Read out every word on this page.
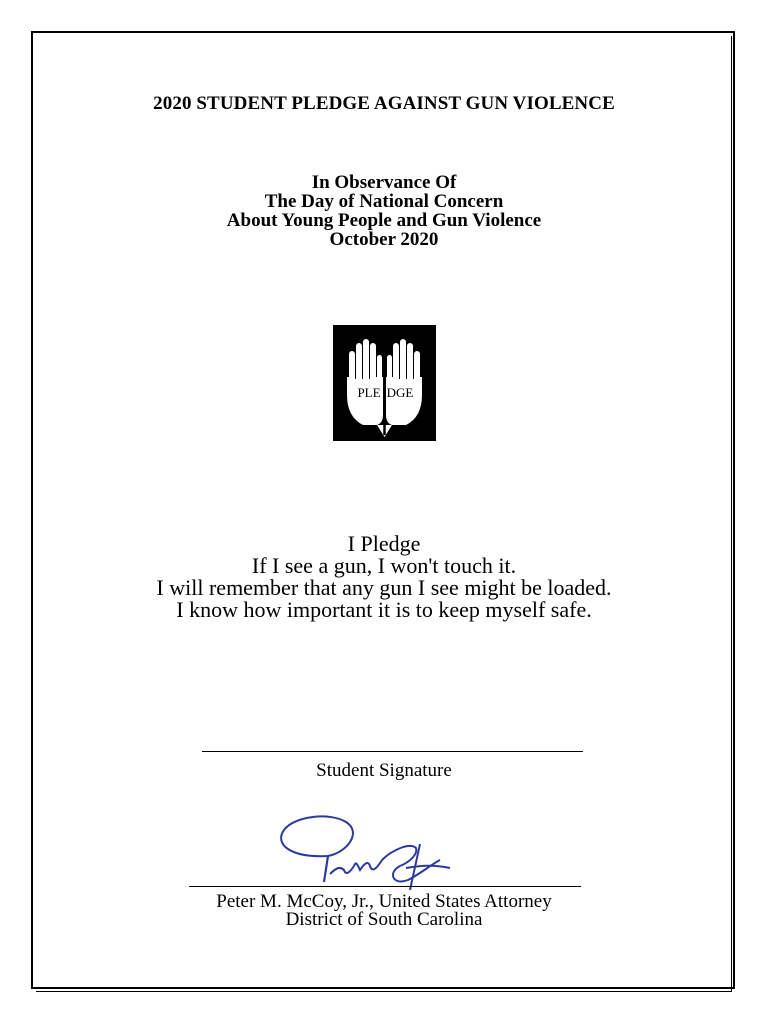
2020 STUDENT PLEDGE AGAINST GUN VIOLENCE
In Observance Of
The Day of National Concern
About Young People and Gun Violence
October 2020
I
PLE DGE
I Pledge
If I see a gun, I won't touch it.
I will remember that any gun I see might be loaded.
I know how important it is to keep myself safe.
Student Signature
Peter M. McCoy, Jr., United States Attorney
District of South Carolina
